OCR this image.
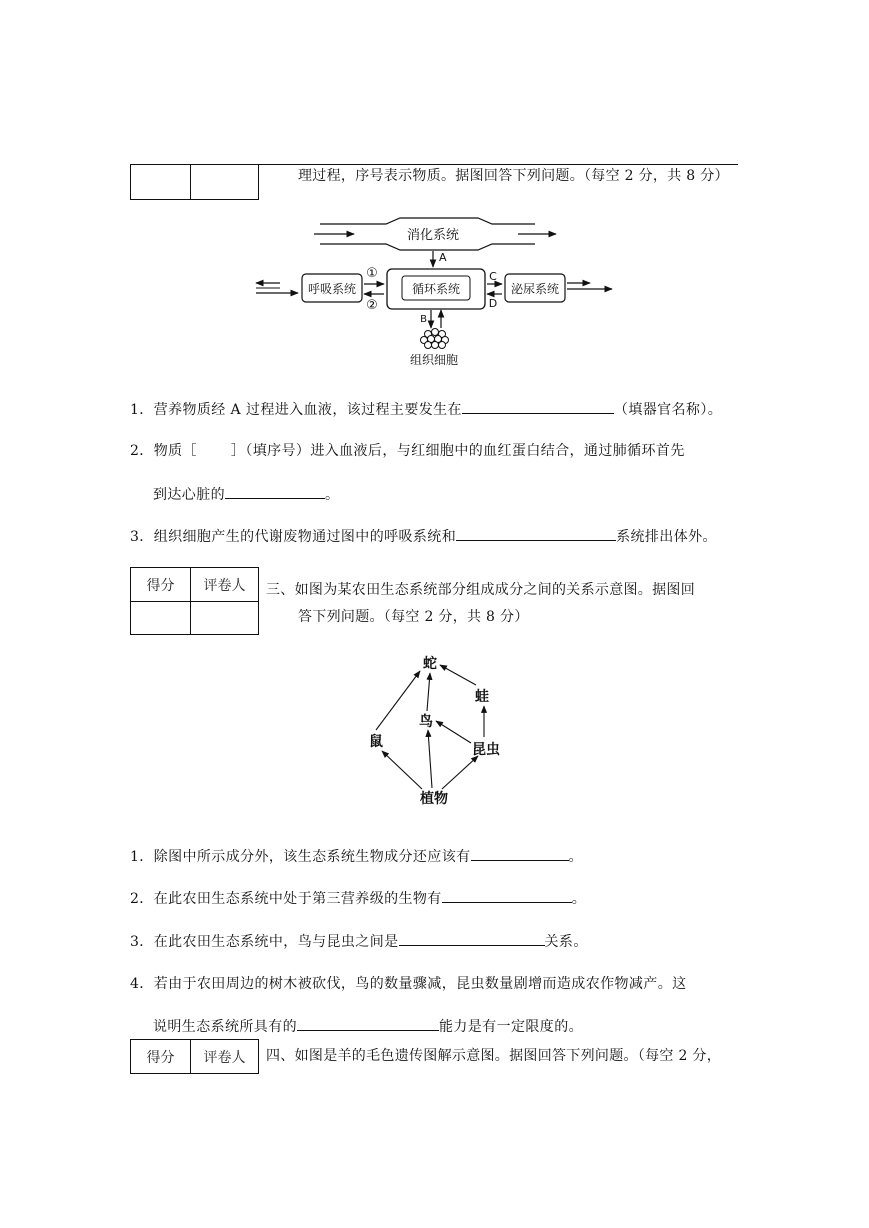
理过程，序号表示物质。据图回答下列问题。（每空 2 分，共 8 分）
消化系统
A
呼吸系统	循环系统
①
②
泌尿系统
C
D
B
组织细胞
1．营养物质经 A 过程进入血液，该过程主要发生在	（填器官名称）。
2．物质［ ］（填序号）进入血液后，与红细胞中的血红蛋白结合，通过肺循环首先
到达心脏的	。
3．组织细胞产生的代谢废物通过图中的呼吸系统和	系统排出体外。
得分	评卷人
	三、如图为某农田生态系统部分组成成分之间的关系示意图。据图回
答下列问题。（每空 2 分，共 8 分）
蛇
蛙
鸟
鼠	昆虫
植物
1．除图中所示成分外，该生态系统生物成分还应该有	。
2．在此农田生态系统中处于第三营养级的生物有	。
3．在此农田生态系统中，鸟与昆虫之间是	关系。
4．若由于农田周边的树木被砍伐，鸟的数量骤减，昆虫数量剧增而造成农作物减产。这
说明生态系统所具有的	能力是有一定限度的。
得分	评卷人 四、如图是羊的毛色遗传图解示意图。据图回答下列问题。（每空 2 分，
